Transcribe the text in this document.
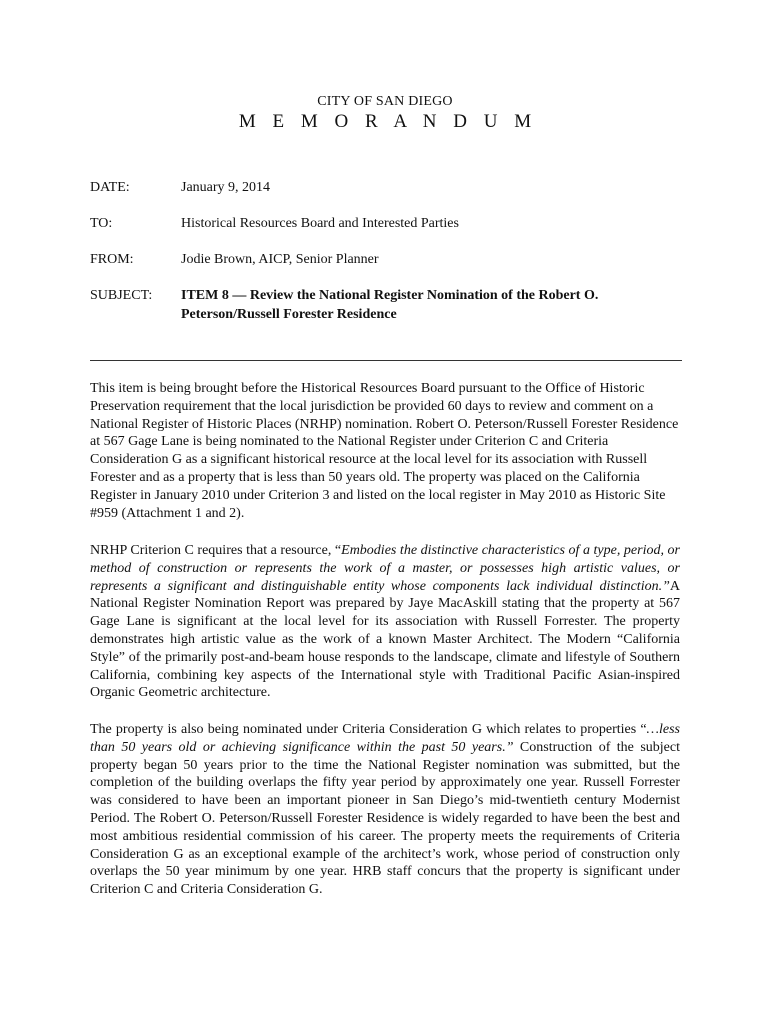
CITY OF SAN DIEGO
M E M O R A N D U M
DATE:	January 9, 2014
TO:	Historical Resources Board and Interested Parties
FROM:	Jodie Brown, AICP, Senior Planner
SUBJECT: ITEM 8 — Review the National Register Nomination of the Robert O. Peterson/Russell Forester Residence

This item is being brought before the Historical Resources Board pursuant to the Office of Historic Preservation requirement that the local jurisdiction be provided 60 days to review and comment on a National Register of Historic Places (NRHP) nomination. Robert O. Peterson/Russell Forester Residence at 567 Gage Lane is being nominated to the National Register under Criterion C and Criteria Consideration G as a significant historical resource at the local level for its association with Russell Forester and as a property that is less than 50 years old. The property was placed on the California Register in January 2010 under Criterion 3 and listed on the local register in May 2010 as Historic Site #959 (Attachment 1 and 2).

NRHP Criterion C requires that a resource, “Embodies the distinctive characteristics of a type, period, or method of construction or represents the work of a master, or possesses high artistic values, or represents a significant and distinguishable entity whose components lack individual distinction.”A National Register Nomination Report was prepared by Jaye MacAskill stating that the property at 567 Gage Lane is significant at the local level for its association with Russell Forrester. The property demonstrates high artistic value as the work of a known Master Architect. The Modern “California Style” of the primarily post-and-beam house responds to the landscape, climate and lifestyle of Southern California, combining key aspects of the International style with Traditional Pacific Asian-inspired Organic Geometric architecture.

The property is also being nominated under Criteria Consideration G which relates to properties “…less than 50 years old or achieving significance within the past 50 years.” Construction of the subject property began 50 years prior to the time the National Register nomination was submitted, but the completion of the building overlaps the fifty year period by approximately one year. Russell Forrester was considered to have been an important pioneer in San Diego’s mid-twentieth century Modernist Period. The Robert O. Peterson/Russell Forester Residence is widely regarded to have been the best and most ambitious residential commission of his career. The property meets the requirements of Criteria Consideration G as an exceptional example of the architect’s work, whose period of construction only overlaps the 50 year minimum by one year. HRB staff concurs that the property is significant under Criterion C and Criteria Consideration G.
